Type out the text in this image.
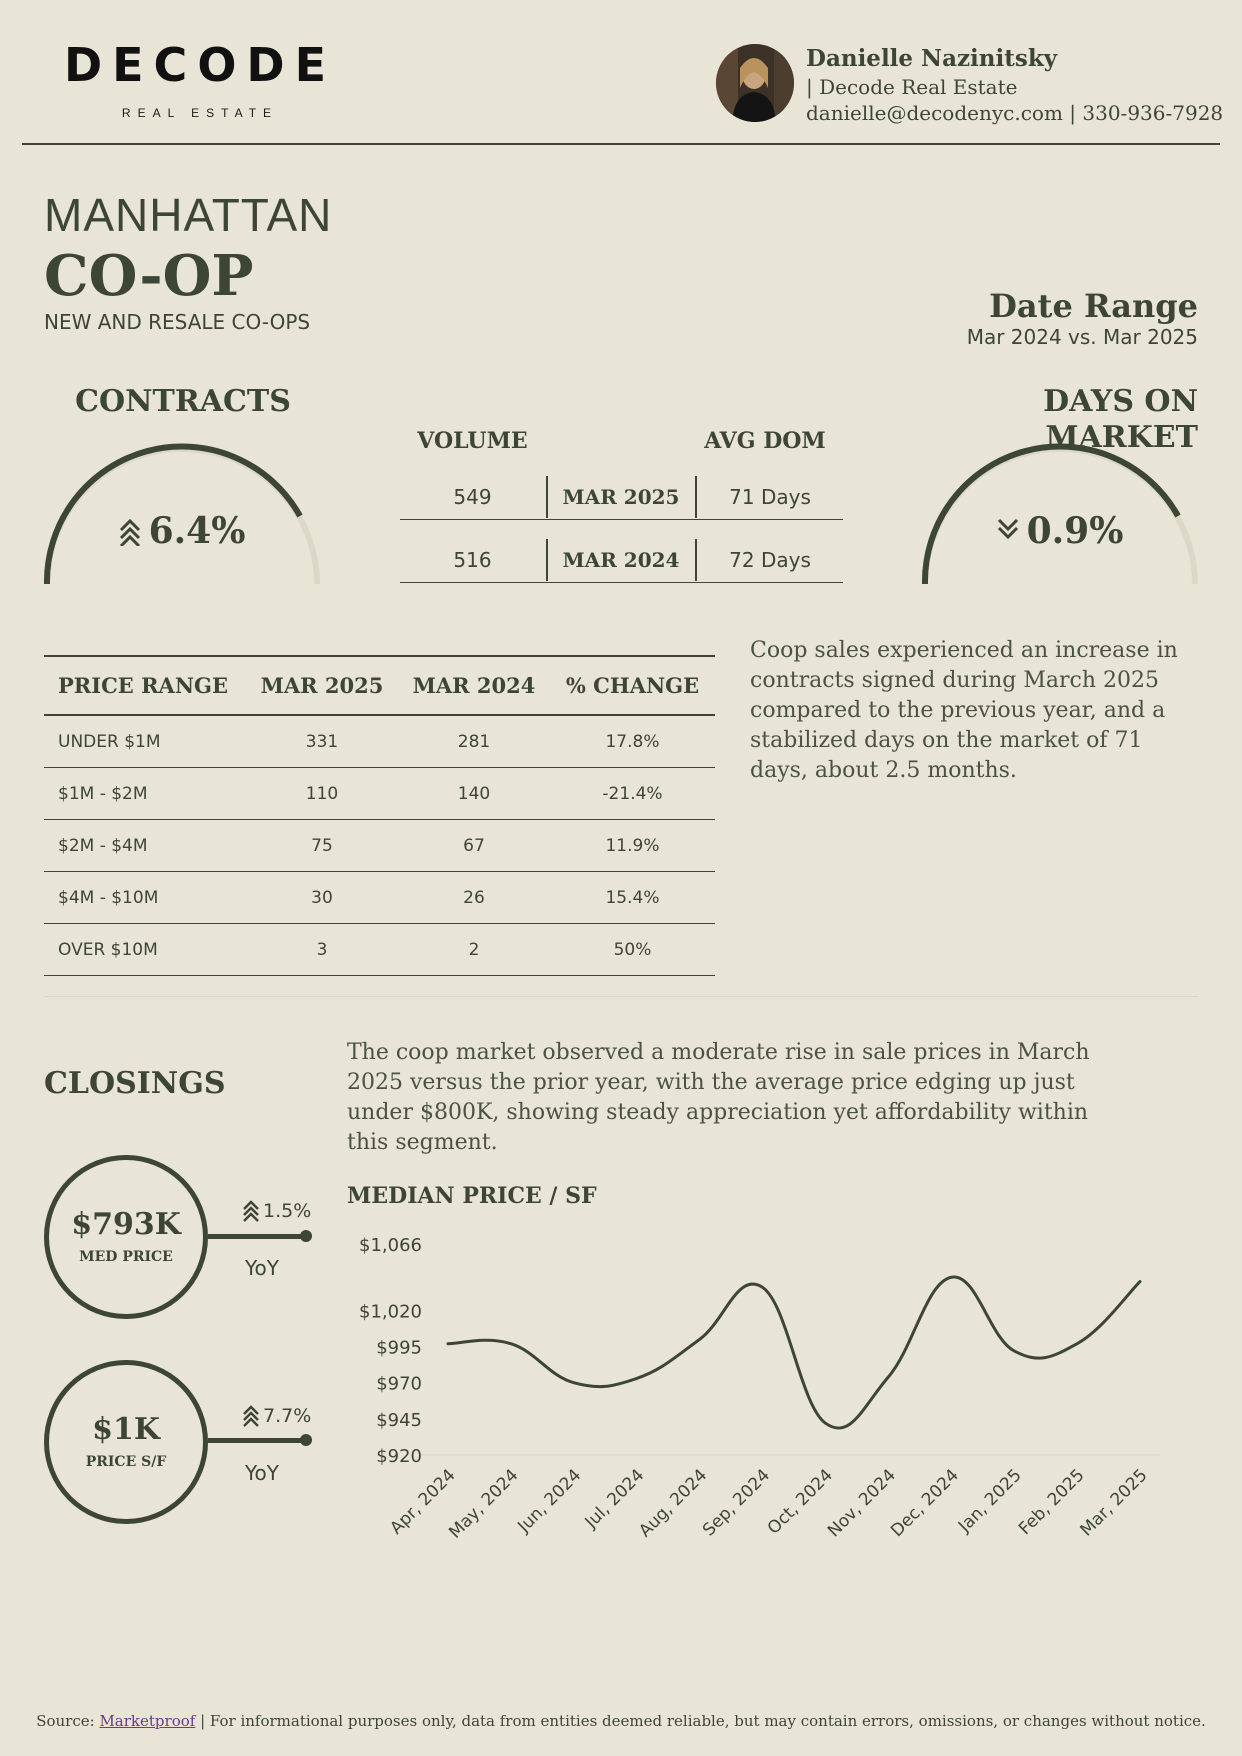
DECODE
REAL ESTATE
Danielle Nazinitsky
| Decode Real Estate
danielle@decodenyc.com | 330-936-7928
MANHATTAN
CO-OP
NEW AND RESALE CO-OPS	Date Range
Mar 2024 vs. Mar 2025
CONTRACTS
6.4%
DAYS ON MARKET
0.9%
VOLUME	AVG DOM
549	MAR 2025	71 Days
516	MAR 2024	72 Days
PRICE RANGE	MAR 2025	MAR 2024	% CHANGE
UNDER $1M	331	281	17.8%
$1M - $2M	110	140	-21.4%
$2M - $4M	75	67	11.9%
$4M - $10M	30	26	15.4%
OVER $10M	3	2	50%
Coop sales experienced an increase in contracts signed during March 2025 compared to the previous year, and a stabilized days on the market of 71 days, about 2.5 months.
CLOSINGS
The coop market observed a moderate rise in sale prices in March 2025 versus the prior year, with the average price edging up just under $800K, showing steady appreciation yet affordability within this segment.
$793K
MED PRICE
1.5%
YoY
$1K
PRICE S/F
7.7%
YoY
MEDIAN PRICE / SF
$920
$945
$970
$995
$1,020
$1,066
Apr, 2024
May, 2024
Jun, 2024
Jul, 2024
Aug, 2024
Sep, 2024
Oct, 2024
Nov, 2024
Dec, 2024
Jan, 2025
Feb, 2025
Mar, 2025
Source: Marketproof | For informational purposes only, data from entities deemed reliable, but may contain errors, omissions, or changes without notice.
